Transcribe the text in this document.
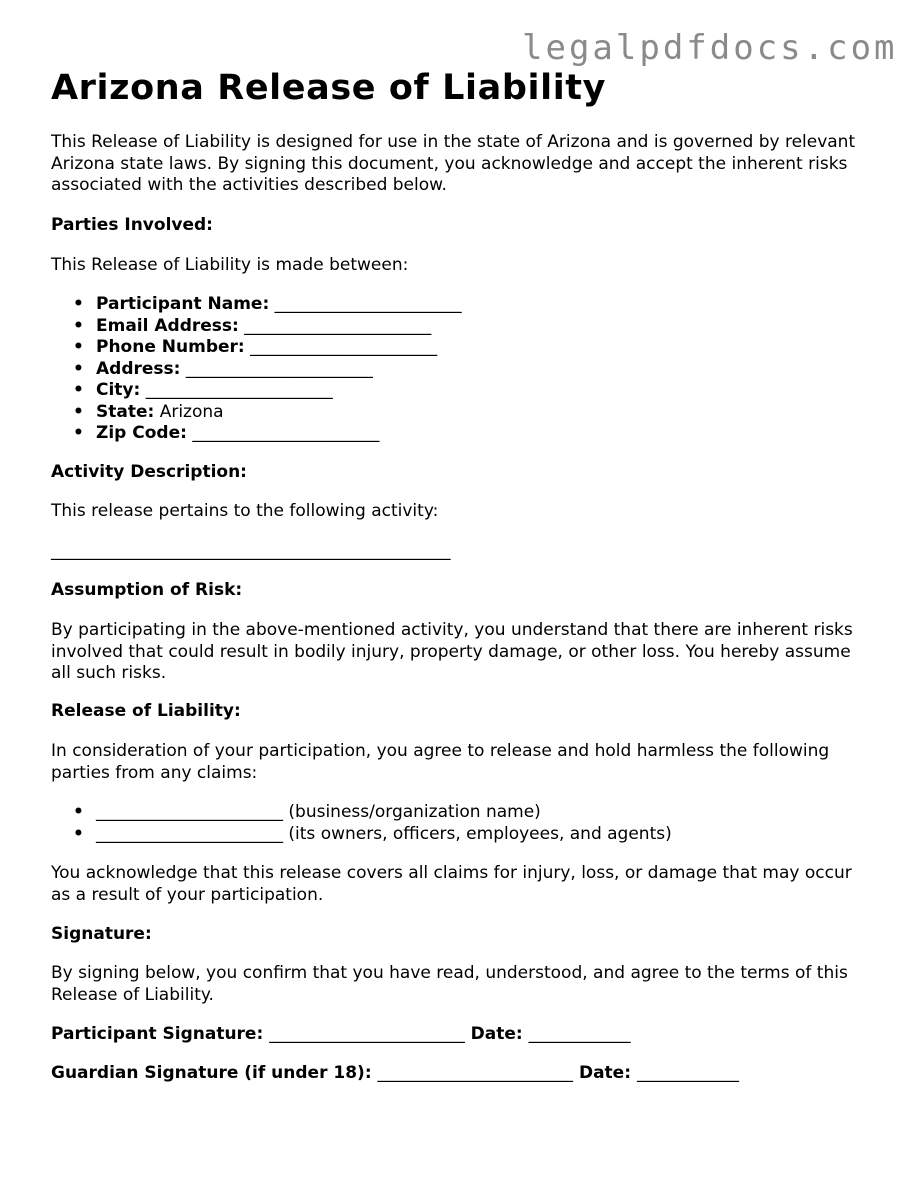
legalpdfdocs.com
Arizona Release of Liability

This Release of Liability is designed for use in the state of Arizona and is governed by relevant Arizona state laws. By signing this document, you acknowledge and accept the inherent risks associated with the activities described below.

Parties Involved:
This Release of Liability is made between:
• Participant Name: ______________________
• Email Address: ______________________
• Phone Number: ______________________
• Address: ______________________
• City: ______________________
• State: Arizona
• Zip Code: ______________________
Activity Description:
This release pertains to the following activity:
_______________________________________________
Assumption of Risk:

By participating in the above-mentioned activity, you understand that there are inherent risks involved that could result in bodily injury, property damage, or other loss. You hereby assume all such risks.

Release of Liability:

In consideration of your participation, you agree to release and hold harmless the following parties from any claims:

• ______________________ (business/organization name)
• ______________________ (its owners, officers, employees, and agents)

You acknowledge that this release covers all claims for injury, loss, or damage that may occur as a result of your participation.

Signature:

By signing below, you confirm that you have read, understood, and agree to the terms of this Release of Liability.

Participant Signature: _______________________ Date: ____________
Guardian Signature (if under 18): _______________________ Date: ____________
